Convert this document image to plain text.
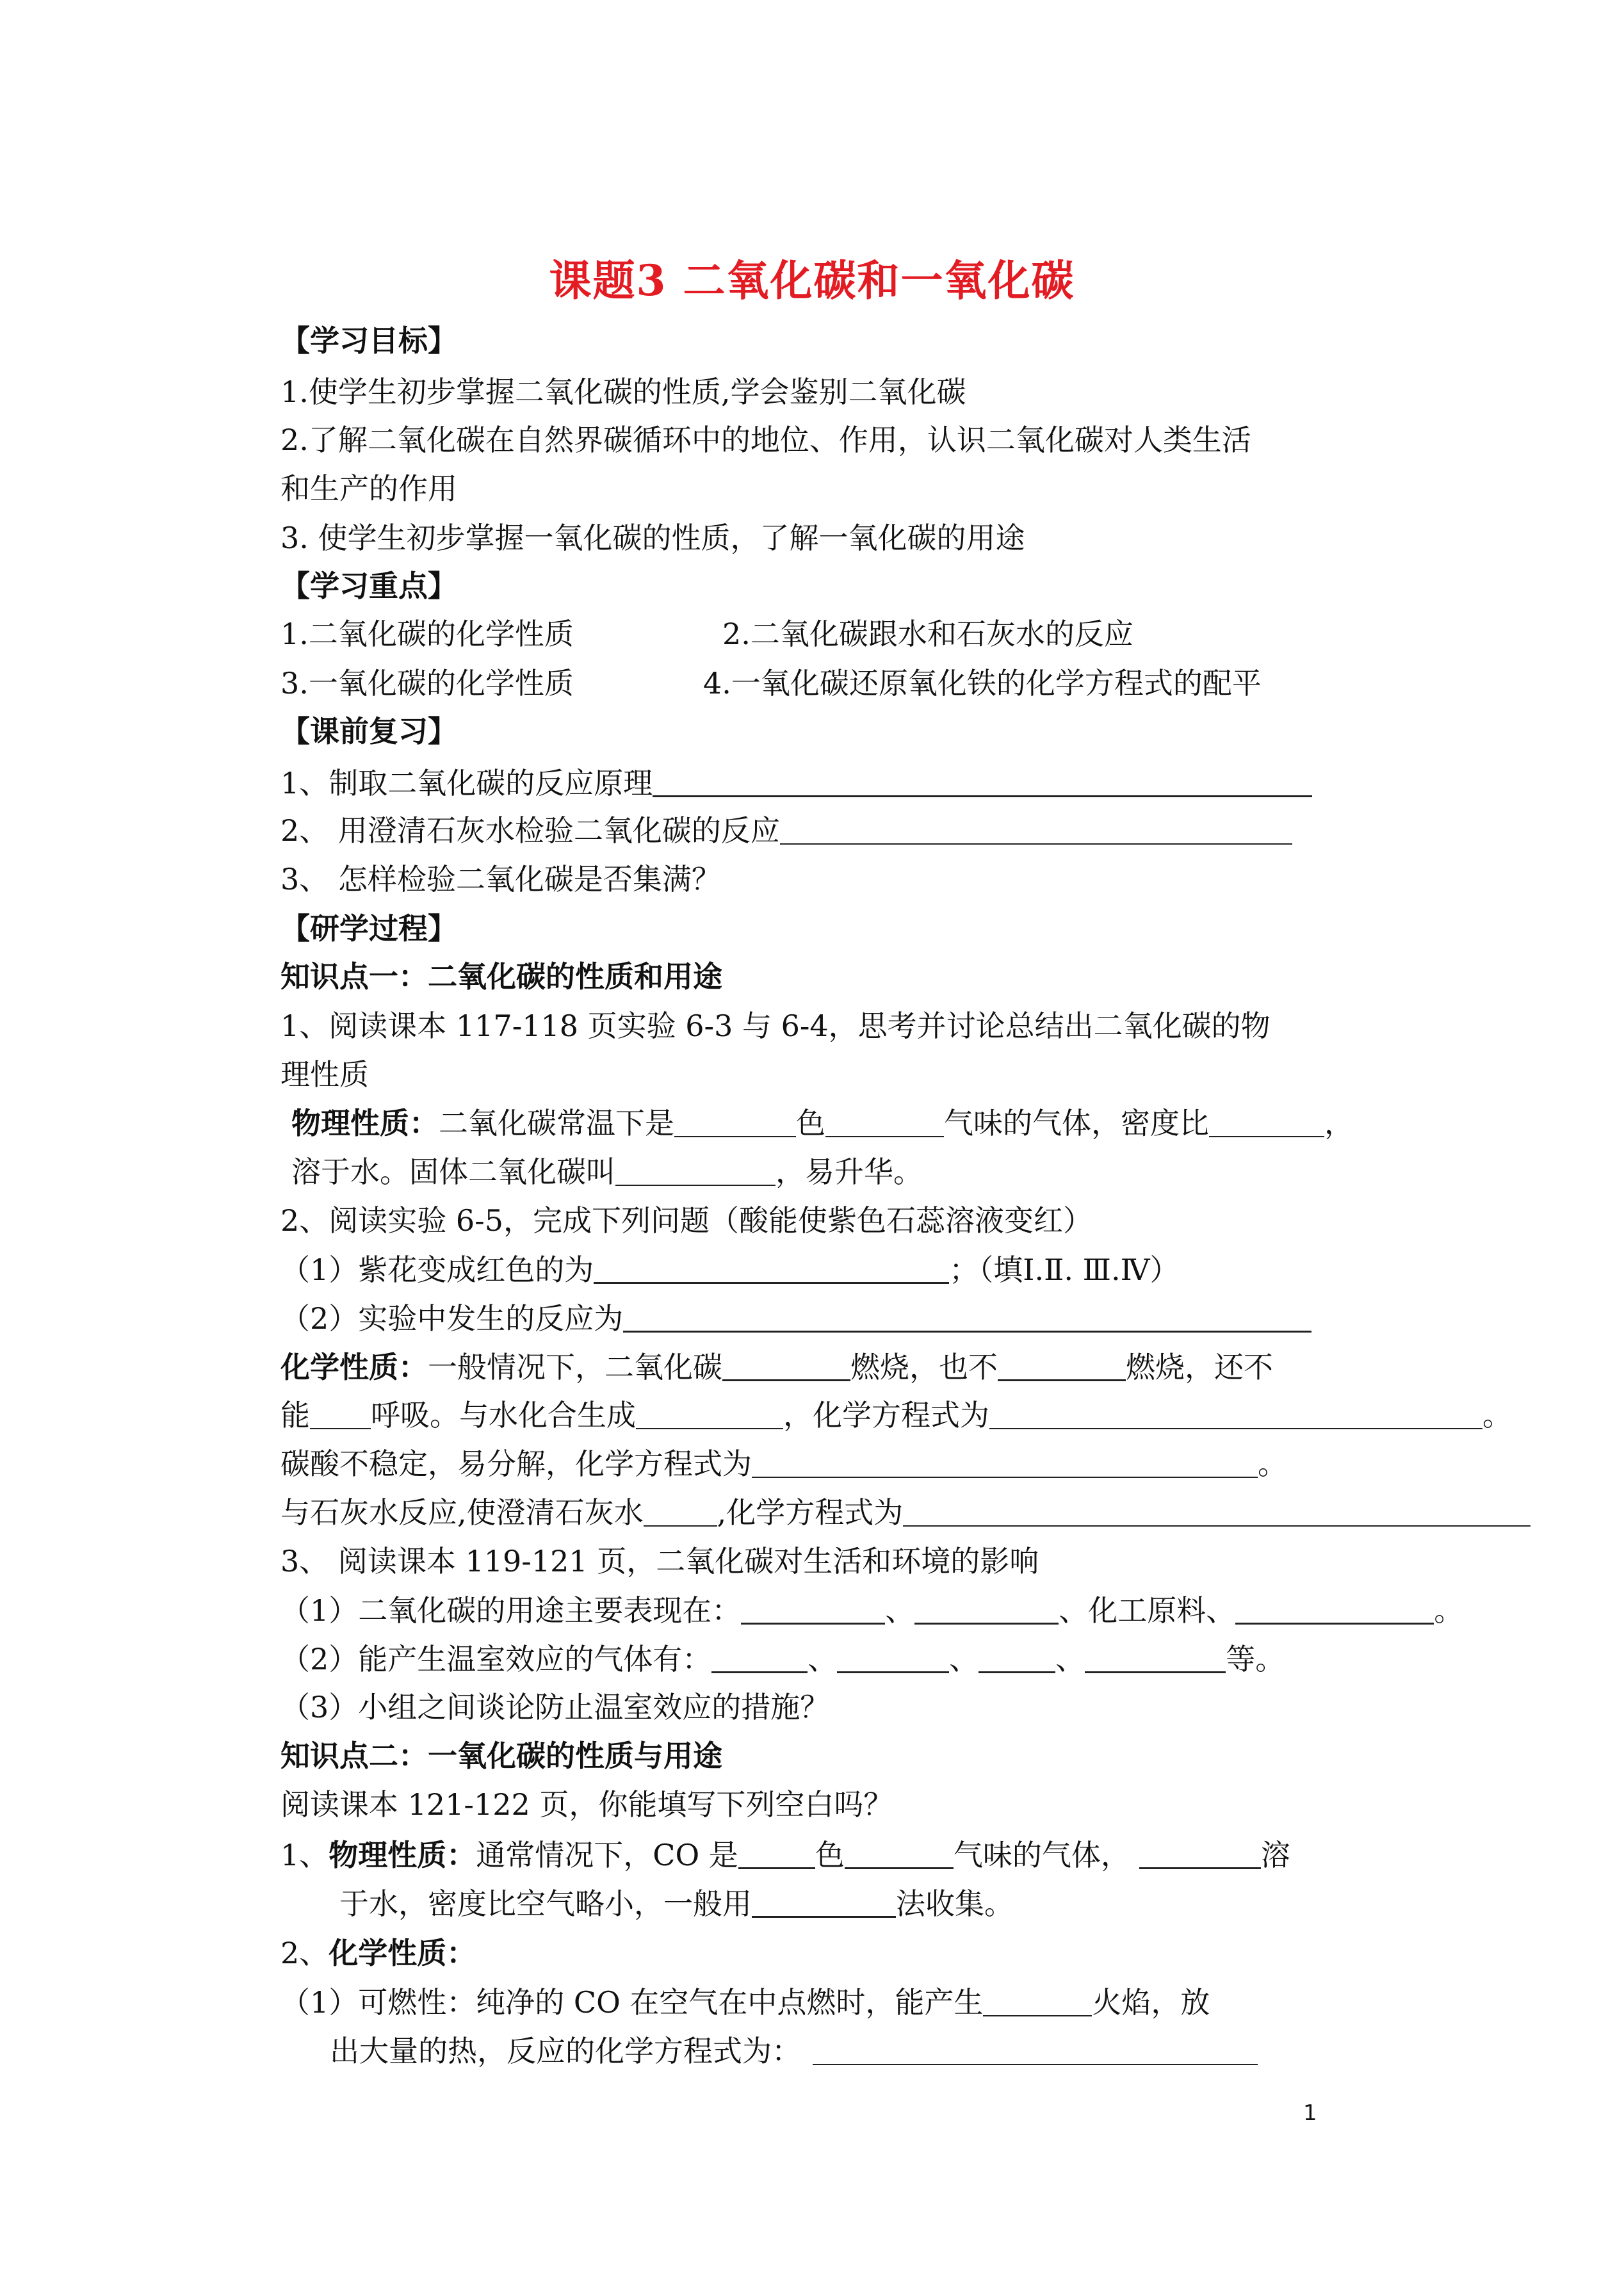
课题3 二氧化碳和一氧化碳
【学习目标】
1.使学生初步掌握二氧化碳的性质,学会鉴别二氧化碳
2.了解二氧化碳在自然界碳循环中的地位、作用，认识二氧化碳对人类生活
和生产的作用
3. 使学生初步掌握一氧化碳的性质，了解一氧化碳的用途
【学习重点】
1.二氧化碳的化学性质	2.二氧化碳跟水和石灰水的反应
3.一氧化碳的化学性质	4.一氧化碳还原氧化铁的化学方程式的配平
【课前复习】
1、制取二氧化碳的反应原理
2、 用澄清石灰水检验二氧化碳的反应
3、 怎样检验二氧化碳是否集满？
【研学过程】
知识点一：二氧化碳的性质和用途
1、阅读课本 117-118 页实验 6-3 与 6-4，思考并讨论总结出二氧化碳的物
理性质
物理性质：二氧化碳常温下是	色	气味的气体，密度比	，
溶于水。固体二氧化碳叫	，易升华。
2、阅读实验 6-5，完成下列问题（酸能使紫色石蕊溶液变红）
（1）紫花变成红色的为	；（填Ⅰ.Ⅱ. Ⅲ.Ⅳ）
（2）实验中发生的反应为
化学性质：一般情况下，二氧化碳	燃烧，也不	燃烧，还不
能 呼吸。与水化合生成	，化学方程式为	。
碳酸不稳定，易分解，化学方程式为	。
与石灰水反应,使澄清石灰水	,化学方程式为
3、 阅读课本 119-121 页，二氧化碳对生活和环境的影响
（1）二氧化碳的用途主要表现在：	、	、化工原料、	。
（2）能产生温室效应的气体有：	、	、	、	等。
（3）小组之间谈论防止温室效应的措施？
知识点二：一氧化碳的性质与用途
阅读课本 121-122 页，你能填写下列空白吗？
1、物理性质：通常情况下，CO 是	色	气味的气体，	溶
于水，密度比空气略小，一般用	法收集。
2、化学性质：
（1）可燃性：纯净的 CO 在空气在中点燃时，能产生	火焰，放
出大量的热，反应的化学方程式为：
1
